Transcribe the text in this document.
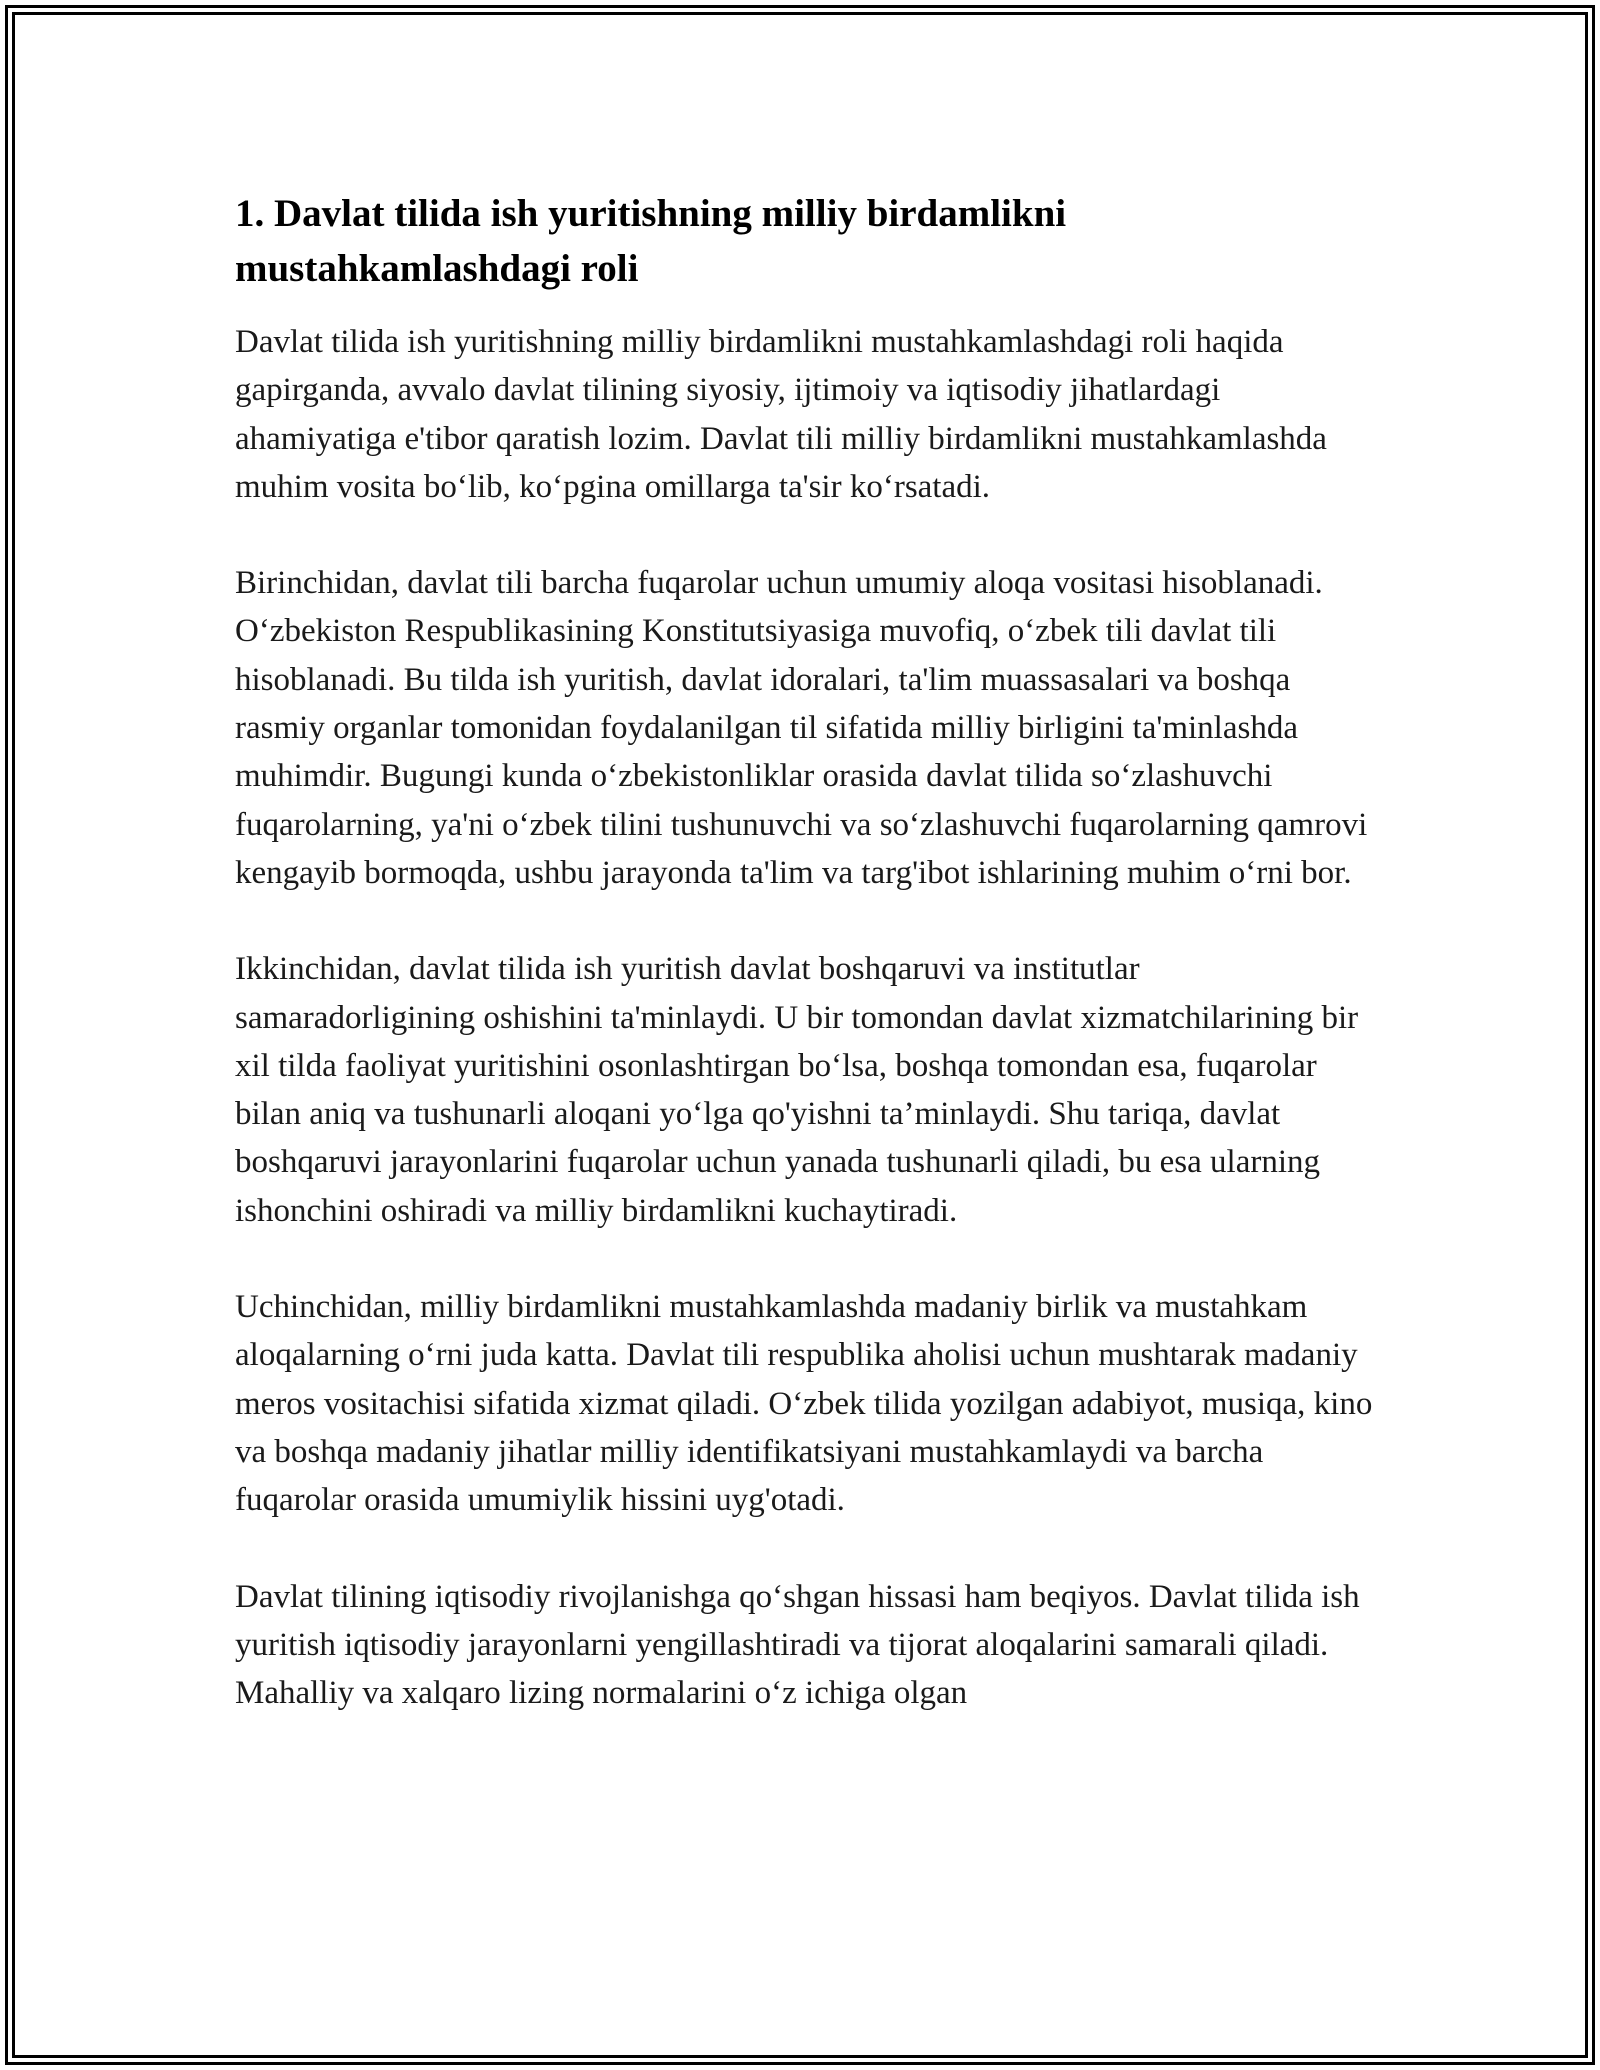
1. Davlat tilida ish yuritishning milliy birdamlikni mustahkamlashdagi roli

Davlat tilida ish yuritishning milliy birdamlikni mustahkamlashdagi roli haqida gapirganda, avvalo davlat tilining siyosiy, ijtimoiy va iqtisodiy jihatlardagi ahamiyatiga e'tibor qaratish lozim. Davlat tili milliy birdamlikni mustahkamlashda muhim vosita bo‘lib, ko‘pgina omillarga ta'sir ko‘rsatadi.

Birinchidan, davlat tili barcha fuqarolar uchun umumiy aloqa vositasi hisoblanadi. O‘zbekiston Respublikasining Konstitutsiyasiga muvofiq, o‘zbek tili davlat tili hisoblanadi. Bu tilda ish yuritish, davlat idoralari, ta'lim muassasalari va boshqa rasmiy organlar tomonidan foydalanilgan til sifatida milliy birligini ta'minlashda muhimdir. Bugungi kunda o‘zbekistonliklar orasida davlat tilida so‘zlashuvchi fuqarolarning, ya'ni o‘zbek tilini tushunuvchi va so‘zlashuvchi fuqarolarning qamrovi kengayib bormoqda, ushbu jarayonda ta'lim va targ'ibot ishlarining muhim o‘rni bor.

Ikkinchidan, davlat tilida ish yuritish davlat boshqaruvi va institutlar samaradorligining oshishini ta'minlaydi. U bir tomondan davlat xizmatchilarining bir xil tilda faoliyat yuritishini osonlashtirgan bo‘lsa, boshqa tomondan esa, fuqarolar bilan aniq va tushunarli aloqani yo‘lga qo'yishni ta’minlaydi. Shu tariqa, davlat boshqaruvi jarayonlarini fuqarolar uchun yanada tushunarli qiladi, bu esa ularning ishonchini oshiradi va milliy birdamlikni kuchaytiradi.

Uchinchidan, milliy birdamlikni mustahkamlashda madaniy birlik va mustahkam aloqalarning o‘rni juda katta. Davlat tili respublika aholisi uchun mushtarak madaniy meros vositachisi sifatida xizmat qiladi. O‘zbek tilida yozilgan adabiyot, musiqa, kino va boshqa madaniy jihatlar milliy identifikatsiyani mustahkamlaydi va barcha fuqarolar orasida umumiylik hissini uyg'otadi.

Davlat tilining iqtisodiy rivojlanishga qo‘shgan hissasi ham beqiyos. Davlat tilida ish yuritish iqtisodiy jarayonlarni yengillashtiradi va tijorat aloqalarini samarali qiladi. Mahalliy va xalqaro lizing normalarini o‘z ichiga olgan
